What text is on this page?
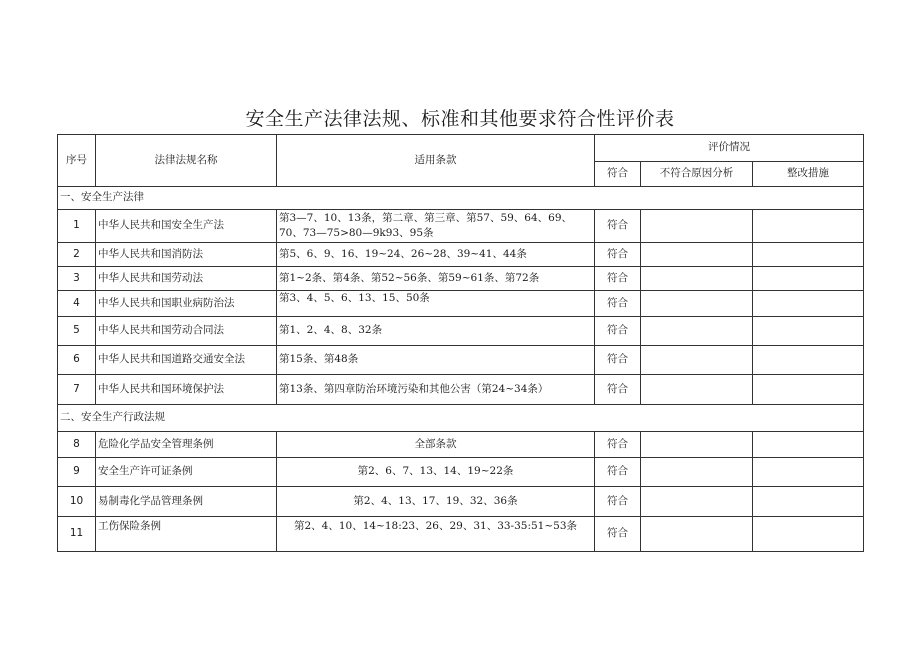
安全生产法律法规、标准和其他要求符合性评价表
序号	法律法规名称	适用条款	评价情况		
			符合	不符合原因分析	整改措施
一、安全生产法律					
1	中华人民共和国安全生产法	第3—7、10、13条，第二章、第三章、第57、59、64、69、70、73—75>80—9k93、95条	符合		
2	中华人民共和国消防法	第5、6、9、16、19~24、26~28、39~41、44条	符合		
3	中华人民共和国劳动法	第1~2条、第4条、第52~56条、第59~61条、第72条	符合		
4	中华人民共和国职业病防治法	第3、4、5、6、13、15、50条	符合		
5	中华人民共和国劳动合同法	第1、2、4、8、32条	符合		
6	中华人民共和国道路交通安全法	第15条、第48条	符合		
7	中华人民共和国环境保护法	第13条、第四章防治环境污染和其他公害（第24~34条）	符合		
二、安全生产行政法规					
8	危险化学品安全管理条例	全部条款	符合		
9	安全生产许可证条例	第2、6、7、13、14、19~22条	符合		
10	易制毒化学品管理条例	第2、4、13、17、19、32、36条	符合		
11	工伤保险条例	第2、4、10、14~18:23、26、29、31、33-35:51~53条	符合		
